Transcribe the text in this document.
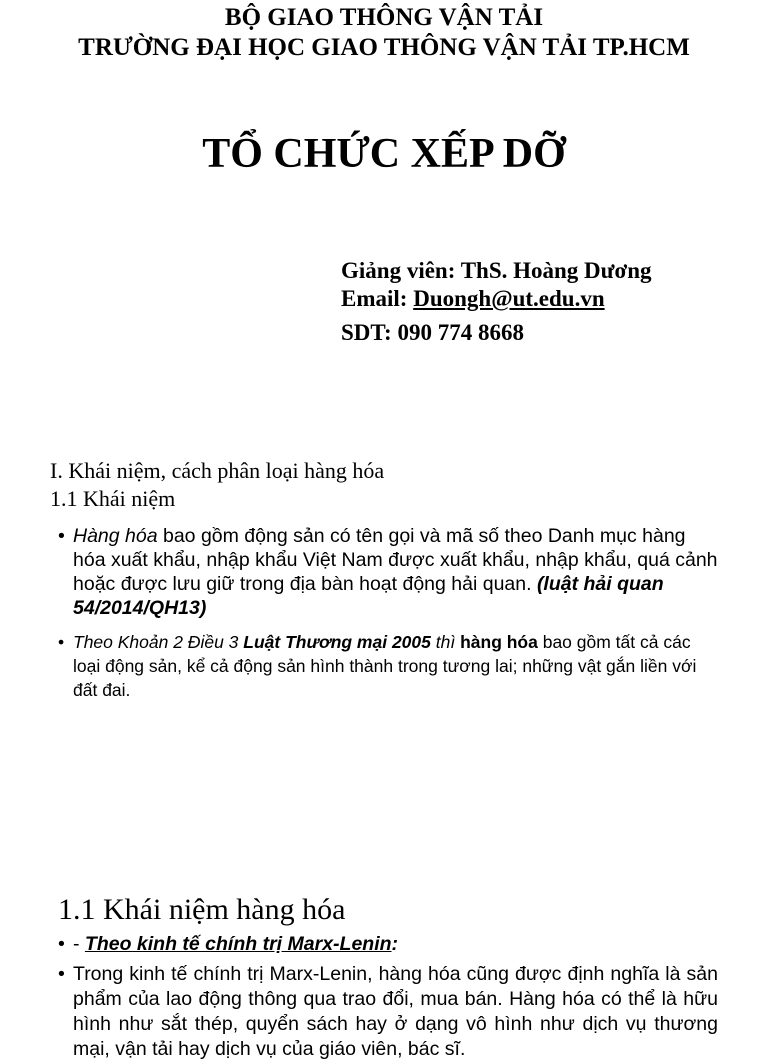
BỘ GIAO THÔNG VẬN TẢI
TRƯỜNG ĐẠI HỌC GIAO THÔNG VẬN TẢI TP.HCM
TỔ CHỨC XẾP DỠ
Giảng viên: ThS. Hoàng Dương
Email: Duongh@ut.edu.vn
SDT: 090 774 8668
I. Khái niệm, cách phân loại hàng hóa
1.1 Khái niệm
• Hàng hóa bao gồm động sản có tên gọi và mã số theo Danh mục hàng hóa xuất khẩu, nhập khẩu Việt Nam được xuất khẩu, nhập khẩu, quá cảnh hoặc được lưu giữ trong địa bàn hoạt động hải quan. (luật hải quan 54/2014/QH13)
• Theo Khoản 2 Điều 3 Luật Thương mại 2005 thì hàng hóa bao gồm tất cả các loại động sản, kể cả động sản hình thành trong tương lai; những vật gắn liền với đất đai.
1.1 Khái niệm hàng hóa
• - Theo kinh tế chính trị Marx-Lenin:
• Trong kinh tế chính trị Marx-Lenin, hàng hóa cũng được định nghĩa là sản phẩm của lao động thông qua trao đổi, mua bán. Hàng hóa có thể là hữu hình như sắt thép, quyển sách hay ở dạng vô hình như dịch vụ thương mại, vận tải hay dịch vụ của giáo viên, bác sĩ.
